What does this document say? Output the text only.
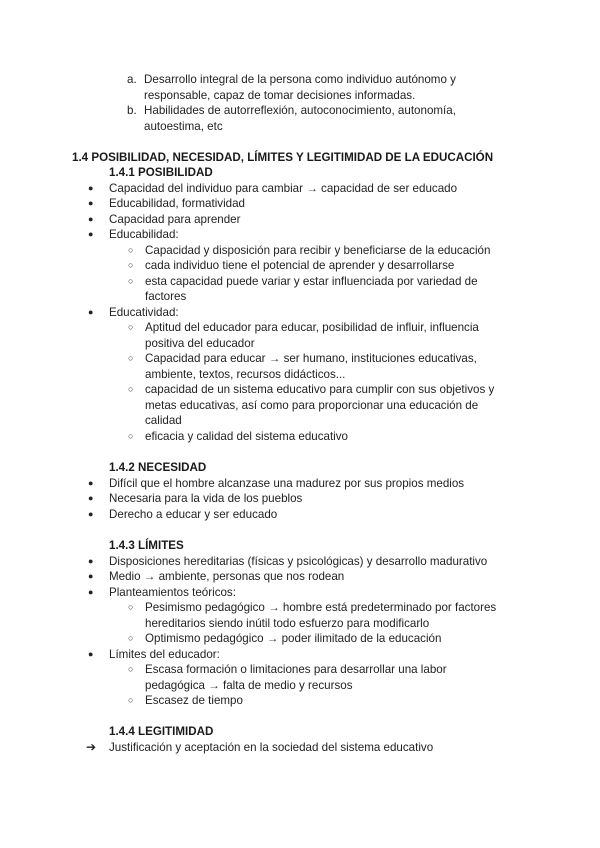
a. Desarrollo integral de la persona como individuo autónomo y
responsable, capaz de tomar decisiones informadas.
b. Habilidades de autorreflexión, autoconocimiento, autonomía,
autoestima, etc
1.4 POSIBILIDAD, NECESIDAD, LÍMITES Y LEGITIMIDAD DE LA EDUCACIÓN
1.4.1 POSIBILIDAD
● Capacidad del individuo para cambiar → capacidad de ser educado
● Educabilidad, formatividad
● Capacidad para aprender
● Educabilidad:
○ Capacidad y disposición para recibir y beneficiarse de la educación
○ cada individuo tiene el potencial de aprender y desarrollarse
○ esta capacidad puede variar y estar influenciada por variedad de
factores
● Educatividad:
○ Aptitud del educador para educar, posibilidad de influir, influencia
positiva del educador
○ Capacidad para educar → ser humano, instituciones educativas,
ambiente, textos, recursos didácticos...
○ capacidad de un sistema educativo para cumplir con sus objetivos y
metas educativas, así como para proporcionar una educación de
calidad
○ eficacia y calidad del sistema educativo
1.4.2 NECESIDAD
● Difícil que el hombre alcanzase una madurez por sus propios medios
● Necesaria para la vida de los pueblos
● Derecho a educar y ser educado
1.4.3 LÍMITES
● Disposiciones hereditarias (físicas y psicológicas) y desarrollo madurativo
● Medio → ambiente, personas que nos rodean
● Planteamientos teóricos:
○ Pesimismo pedagógico → hombre está predeterminado por factores
hereditarios siendo inútil todo esfuerzo para modificarlo
○ Optimismo pedagógico → poder ilimitado de la educación
● Límites del educador:
○ Escasa formación o limitaciones para desarrollar una labor
pedagógica → falta de medio y recursos
○ Escasez de tiempo
1.4.4 LEGITIMIDAD
➔ Justificación y aceptación en la sociedad del sistema educativo
